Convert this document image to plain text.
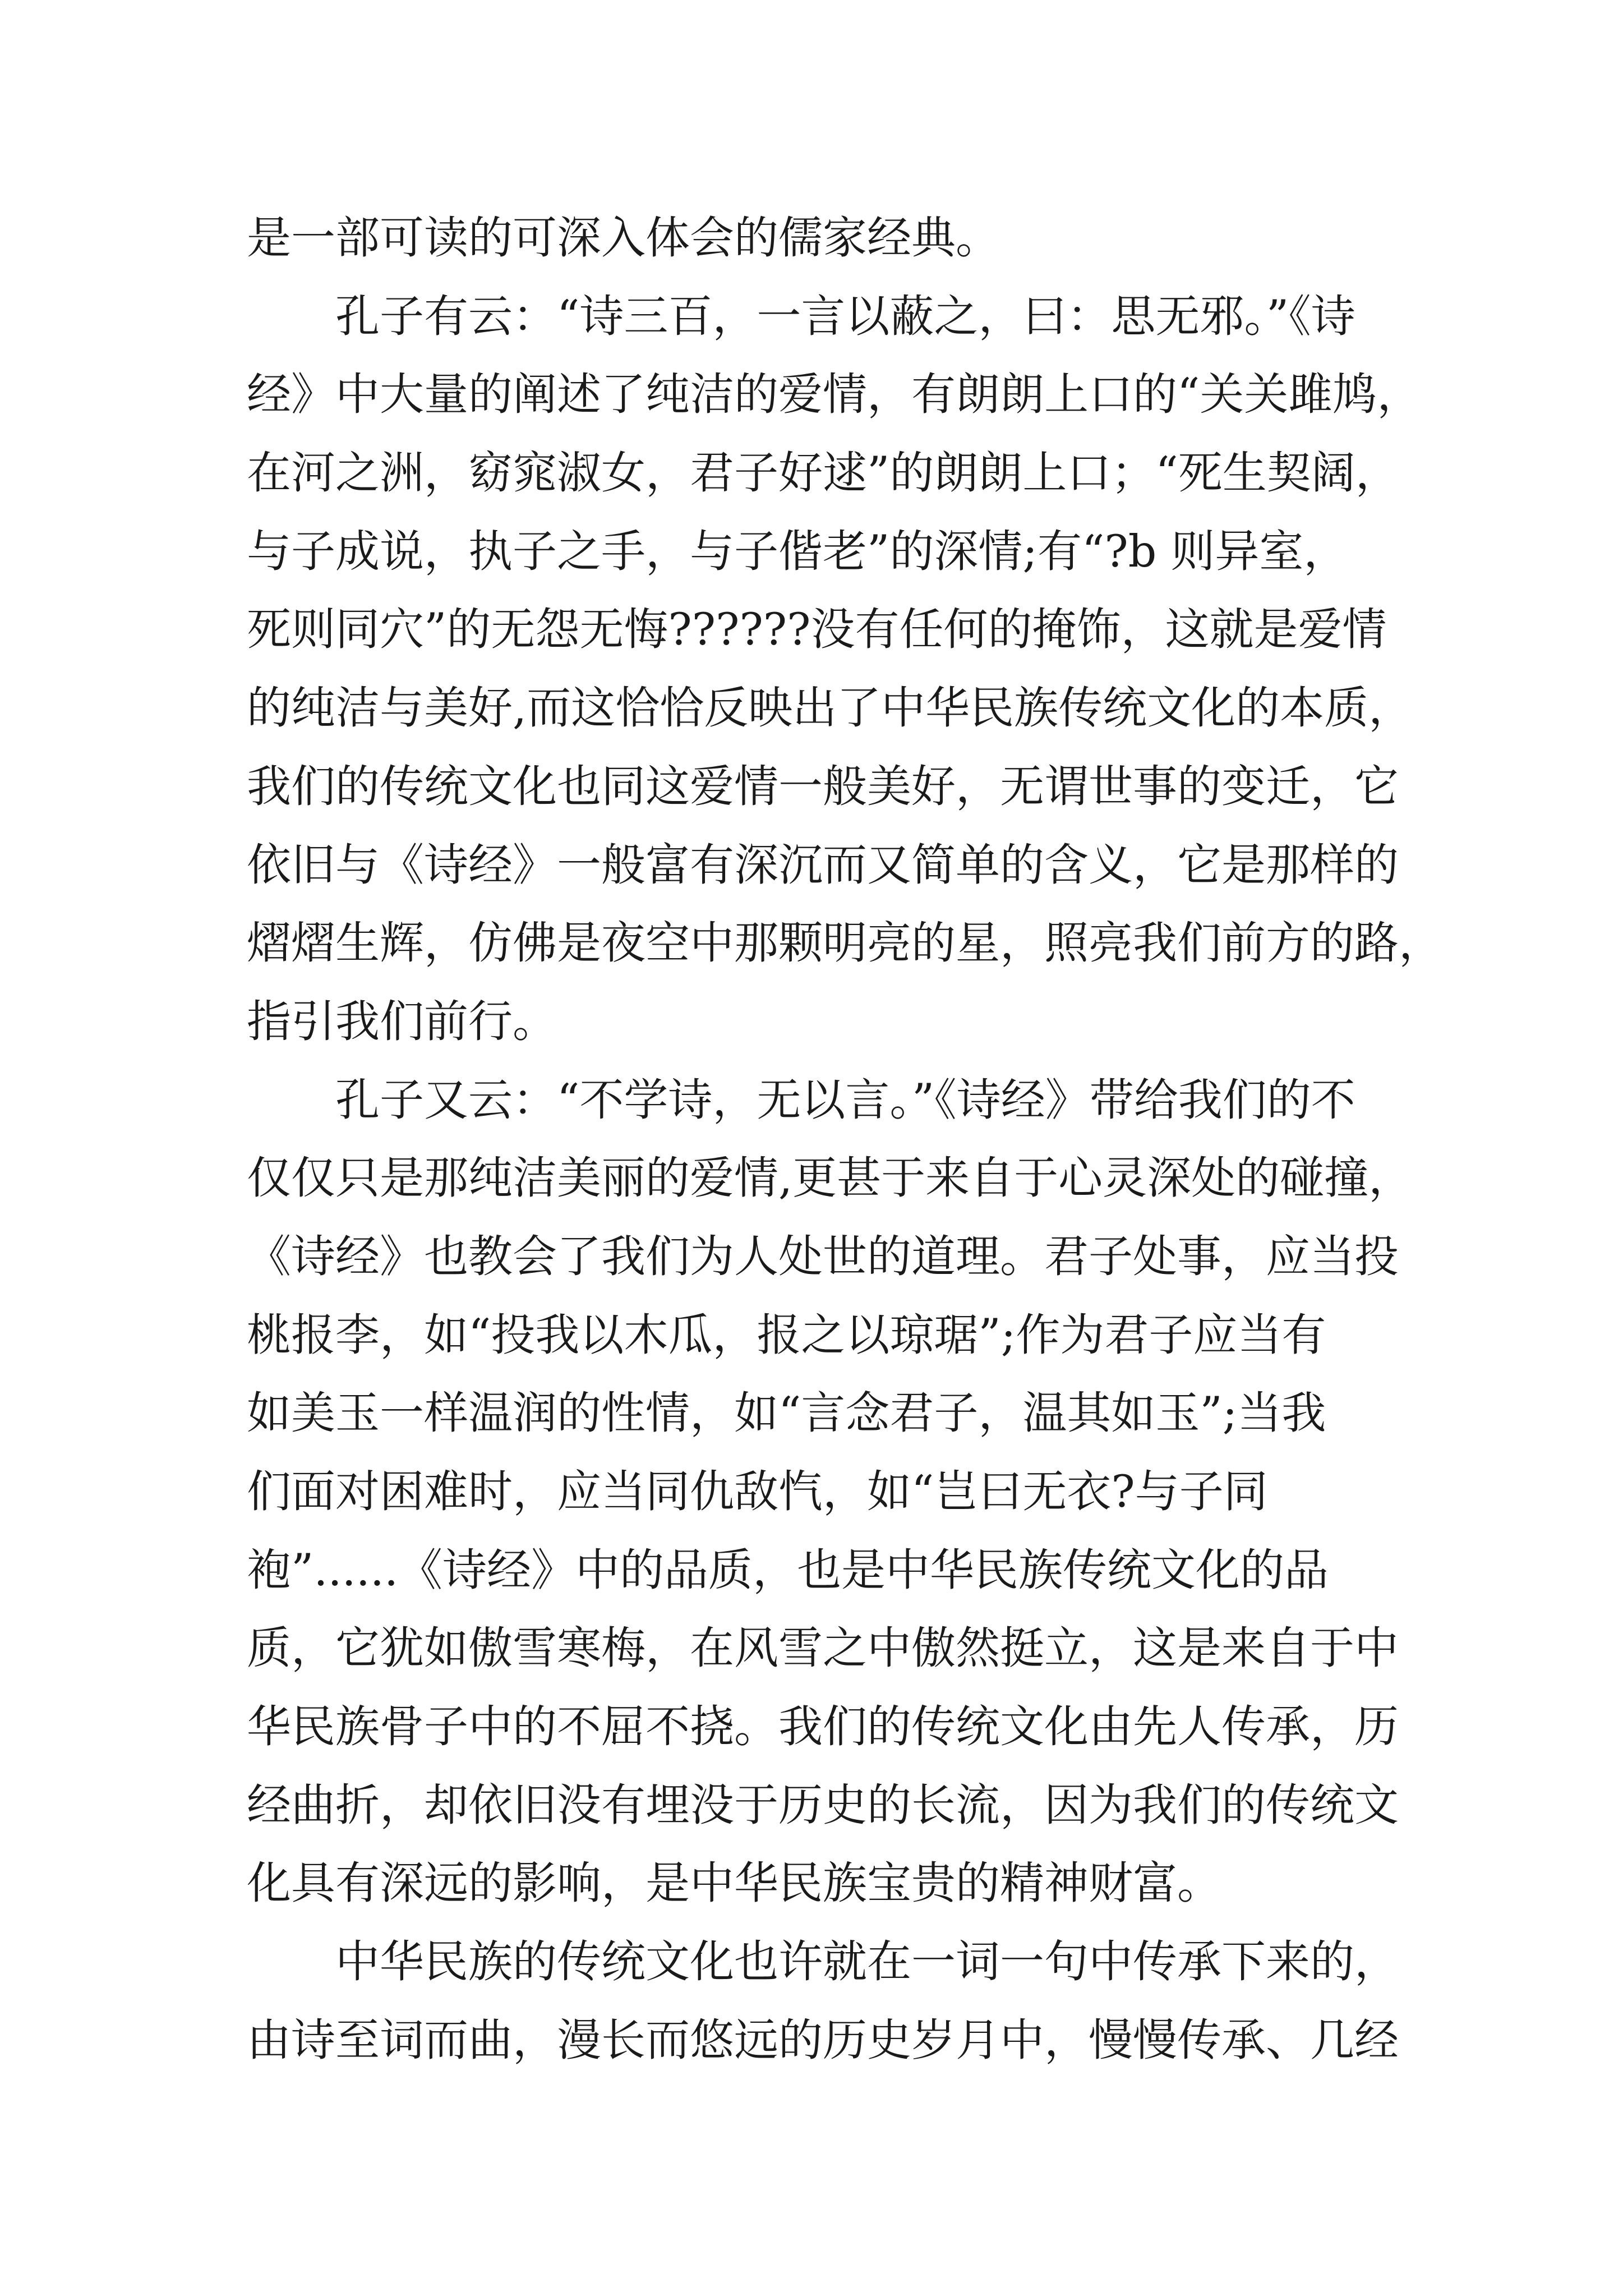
是一部可读的可深入体会的儒家经典。
　　孔子有云：“诗三百，一言以蔽之，曰：思无邪。”《诗
经》中大量的阐述了纯洁的爱情，有朗朗上口的“关关雎鸠，
在河之洲，窈窕淑女，君子好逑”的朗朗上口；“死生契阔，
与子成说，执子之手，与子偕老”的深情;有“?b 则异室，
死则同穴”的无怨无悔??????没有任何的掩饰，这就是爱情
的纯洁与美好,而这恰恰反映出了中华民族传统文化的本质，
我们的传统文化也同这爱情一般美好，无谓世事的变迁，它
依旧与《诗经》一般富有深沉而又简单的含义，它是那样的
熠熠生辉，仿佛是夜空中那颗明亮的星，照亮我们前方的路，
指引我们前行。
　　孔子又云：“不学诗，无以言。”《诗经》带给我们的不
仅仅只是那纯洁美丽的爱情,更甚于来自于心灵深处的碰撞，
《诗经》也教会了我们为人处世的道理。君子处事，应当投
桃报李，如“投我以木瓜，报之以琼琚”;作为君子应当有
如美玉一样温润的性情，如“言念君子，温其如玉”;当我
们面对困难时，应当同仇敌忾，如“岂曰无衣?与子同
袍”......《诗经》中的品质，也是中华民族传统文化的品
质，它犹如傲雪寒梅，在风雪之中傲然挺立，这是来自于中
华民族骨子中的不屈不挠。我们的传统文化由先人传承，历
经曲折，却依旧没有埋没于历史的长流，因为我们的传统文
化具有深远的影响，是中华民族宝贵的精神财富。
　　中华民族的传统文化也许就在一词一句中传承下来的，
由诗至词而曲，漫长而悠远的历史岁月中，慢慢传承、几经
